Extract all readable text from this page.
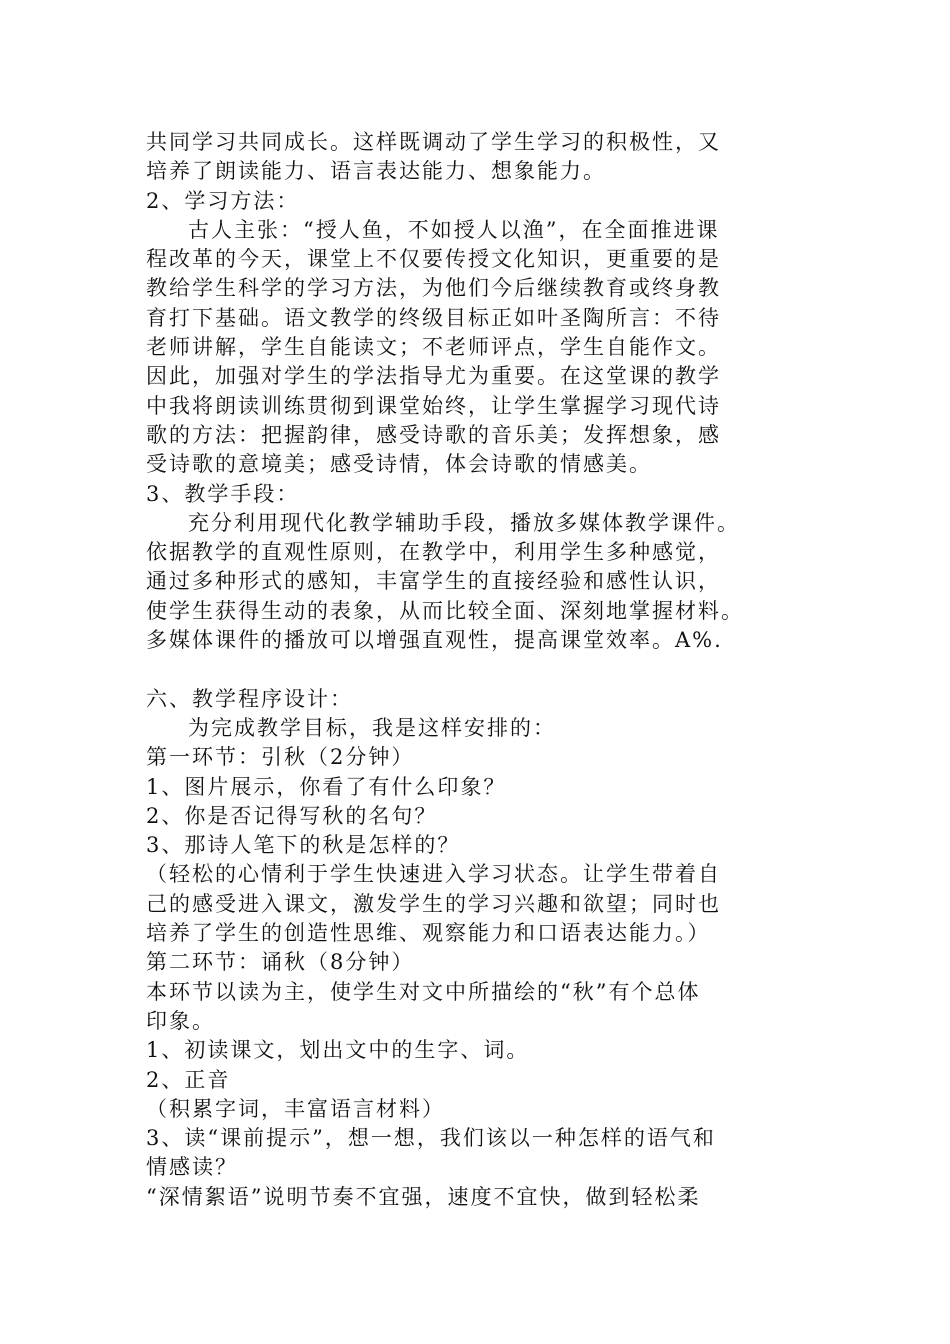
共同学习共同成长。这样既调动了学生学习的积极性，又
培养了朗读能力、语言表达能力、想象能力。
2、学习方法：
古人主张：“授人鱼，不如授人以渔”，在全面推进课
程改革的今天，课堂上不仅要传授文化知识，更重要的是
教给学生科学的学习方法，为他们今后继续教育或终身教
育打下基础。语文教学的终级目标正如叶圣陶所言：不待
老师讲解，学生自能读文；不老师评点，学生自能作文。
因此，加强对学生的学法指导尤为重要。在这堂课的教学
中我将朗读训练贯彻到课堂始终，让学生掌握学习现代诗
歌的方法：把握韵律，感受诗歌的音乐美；发挥想象，感
受诗歌的意境美；感受诗情，体会诗歌的情感美。
3、教学手段：
充分利用现代化教学辅助手段，播放多媒体教学课件。
依据教学的直观性原则，在教学中，利用学生多种感觉，
通过多种形式的感知，丰富学生的直接经验和感性认识，
使学生获得生动的表象，从而比较全面、深刻地掌握材料。
多媒体课件的播放可以增强直观性，提高课堂效率。A%.
六、教学程序设计：
为完成教学目标，我是这样安排的：
第一环节：引秋（2分钟）
1、图片展示，你看了有什么印象？
2、你是否记得写秋的名句？
3、那诗人笔下的秋是怎样的？
（轻松的心情利于学生快速进入学习状态。让学生带着自
己的感受进入课文，激发学生的学习兴趣和欲望；同时也
培养了学生的创造性思维、观察能力和口语表达能力。）
第二环节：诵秋（8分钟）
本环节以读为主，使学生对文中所描绘的“秋”有个总体
印象。
1、初读课文，划出文中的生字、词。
2、正音
（积累字词，丰富语言材料）
3、读“课前提示”，想一想，我们该以一种怎样的语气和
情感读？
“深情絮语”说明节奏不宜强，速度不宜快，做到轻松柔
